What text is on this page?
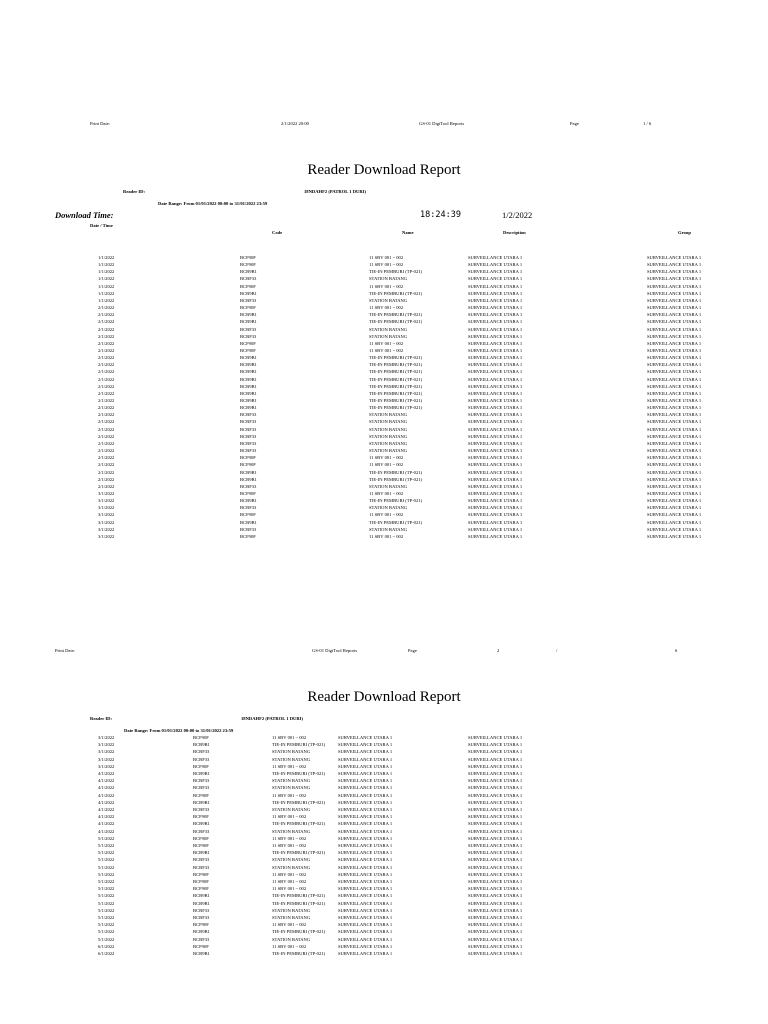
Print Date:	2/1/2022 20:00	GS-01 DigiTool Reports	Page	1 / 6
Reader Download Report
Reader ID:	18NDAHF2 (PATROL 1 DURI)
Date Range: From 01/01/2022 00:00 to 31/01/2022 23:59
Download Time:	18:24:39	1/2/2022
Date / Time
Code	Name	Description	Group
1/1/2022	BCF90F	11 SBV 001 ~ 002	SURVEILLANCE UTARA 1	SURVEILLANCE UTARA 1
1/1/2022	BCF90F	11 SBV 001 ~ 002	SURVEILLANCE UTARA 1	SURVEILLANCE UTARA 1
1/1/2022	BCB9B1	TIE-IN PEMBURI (TP-021)	SURVEILLANCE UTARA 1	SURVEILLANCE UTARA 1
1/1/2022	BCBF33	STATION BATANG	SURVEILLANCE UTARA 1	SURVEILLANCE UTARA 1
1/1/2022	BCF90F	11 SBV 001 ~ 002	SURVEILLANCE UTARA 1	SURVEILLANCE UTARA 1
1/1/2022	BCB9B1	TIE-IN PEMBURI (TP-021)	SURVEILLANCE UTARA 1	SURVEILLANCE UTARA 1
1/1/2022	BCBF33	STATION BATANG	SURVEILLANCE UTARA 1	SURVEILLANCE UTARA 1
2/1/2022	BCF90F	11 SBV 001 ~ 002	SURVEILLANCE UTARA 1	SURVEILLANCE UTARA 1
2/1/2022	BCB9B1	TIE-IN PEMBURI (TP-021)	SURVEILLANCE UTARA 1	SURVEILLANCE UTARA 1
2/1/2022	BCB9B1	TIE-IN PEMBURI (TP-021)	SURVEILLANCE UTARA 1	SURVEILLANCE UTARA 1
2/1/2022	BCBF33	STATION BATANG	SURVEILLANCE UTARA 1	SURVEILLANCE UTARA 1
2/1/2022	BCBF33	STATION BATANG	SURVEILLANCE UTARA 1	SURVEILLANCE UTARA 1
2/1/2022	BCF90F	11 SBV 001 ~ 002	SURVEILLANCE UTARA 1	SURVEILLANCE UTARA 1
2/1/2022	BCF90F	11 SBV 001 ~ 002	SURVEILLANCE UTARA 1	SURVEILLANCE UTARA 1
2/1/2022	BCB9B1	TIE-IN PEMBURI (TP-021)	SURVEILLANCE UTARA 1	SURVEILLANCE UTARA 1
2/1/2022	BCB9B1	TIE-IN PEMBURI (TP-021)	SURVEILLANCE UTARA 1	SURVEILLANCE UTARA 1
2/1/2022	BCB9B1	TIE-IN PEMBURI (TP-021)	SURVEILLANCE UTARA 1	SURVEILLANCE UTARA 1
2/1/2022	BCB9B1	TIE-IN PEMBURI (TP-021)	SURVEILLANCE UTARA 1	SURVEILLANCE UTARA 1
2/1/2022	BCB9B1	TIE-IN PEMBURI (TP-021)	SURVEILLANCE UTARA 1	SURVEILLANCE UTARA 1
2/1/2022	BCB9B1	TIE-IN PEMBURI (TP-021)	SURVEILLANCE UTARA 1	SURVEILLANCE UTARA 1
2/1/2022	BCB9B1	TIE-IN PEMBURI (TP-021)	SURVEILLANCE UTARA 1	SURVEILLANCE UTARA 1
2/1/2022	BCB9B1	TIE-IN PEMBURI (TP-021)	SURVEILLANCE UTARA 1	SURVEILLANCE UTARA 1
2/1/2022	BCBF33	STATION BATANG	SURVEILLANCE UTARA 1	SURVEILLANCE UTARA 1
2/1/2022	BCBF33	STATION BATANG	SURVEILLANCE UTARA 1	SURVEILLANCE UTARA 1
2/1/2022	BCBF33	STATION BATANG	SURVEILLANCE UTARA 1	SURVEILLANCE UTARA 1
2/1/2022	BCBF33	STATION BATANG	SURVEILLANCE UTARA 1	SURVEILLANCE UTARA 1
2/1/2022	BCBF33	STATION BATANG	SURVEILLANCE UTARA 1	SURVEILLANCE UTARA 1
2/1/2022	BCBF33	STATION BATANG	SURVEILLANCE UTARA 1	SURVEILLANCE UTARA 1
2/1/2022	BCF90F	11 SBV 001 ~ 002	SURVEILLANCE UTARA 1	SURVEILLANCE UTARA 1
2/1/2022	BCF90F	11 SBV 001 ~ 002	SURVEILLANCE UTARA 1	SURVEILLANCE UTARA 1
2/1/2022	BCB9B1	TIE-IN PEMBURI (TP-021)	SURVEILLANCE UTARA 1	SURVEILLANCE UTARA 1
2/1/2022	BCB9B1	TIE-IN PEMBURI (TP-021)	SURVEILLANCE UTARA 1	SURVEILLANCE UTARA 1
2/1/2022	BCBF33	STATION BATANG	SURVEILLANCE UTARA 1	SURVEILLANCE UTARA 1
3/1/2022	BCF90F	11 SBV 001 ~ 002	SURVEILLANCE UTARA 1	SURVEILLANCE UTARA 1
3/1/2022	BCB9B1	TIE-IN PEMBURI (TP-021)	SURVEILLANCE UTARA 1	SURVEILLANCE UTARA 1
3/1/2022	BCBF33	STATION BATANG	SURVEILLANCE UTARA 1	SURVEILLANCE UTARA 1
3/1/2022	BCF90F	11 SBV 001 ~ 002	SURVEILLANCE UTARA 1	SURVEILLANCE UTARA 1
3/1/2022	BCB9B1	TIE-IN PEMBURI (TP-021)	SURVEILLANCE UTARA 1	SURVEILLANCE UTARA 1
3/1/2022	BCBF33	STATION BATANG	SURVEILLANCE UTARA 1	SURVEILLANCE UTARA 1
3/1/2022	BCF90F	11 SBV 001 ~ 002	SURVEILLANCE UTARA 1	SURVEILLANCE UTARA 1
Print Date:	GS-01 DigiTool Reports	Page	2	/	6
Reader Download Report
Reader ID:	18NDAHF2 (PATROL 1 DURI)
Date Range: From 01/01/2022 00:00 to 31/01/2022 23:59
3/1/2022	BCF90F	11 SBV 001 ~ 002	SURVEILLANCE UTARA 1	SURVEILLANCE UTARA 1
3/1/2022	BCB9B1	TIE-IN PEMBURI (TP-021)	SURVEILLANCE UTARA 1	SURVEILLANCE UTARA 1
3/1/2022	BCBF33	STATION BATANG	SURVEILLANCE UTARA 1	SURVEILLANCE UTARA 1
3/1/2022	BCBF33	STATION BATANG	SURVEILLANCE UTARA 1	SURVEILLANCE UTARA 1
3/1/2022	BCF90F	11 SBV 001 ~ 002	SURVEILLANCE UTARA 1	SURVEILLANCE UTARA 1
4/1/2022	BCB9B1	TIE-IN PEMBURI (TP-021)	SURVEILLANCE UTARA 1	SURVEILLANCE UTARA 1
4/1/2022	BCBF33	STATION BATANG	SURVEILLANCE UTARA 1	SURVEILLANCE UTARA 1
4/1/2022	BCBF33	STATION BATANG	SURVEILLANCE UTARA 1	SURVEILLANCE UTARA 1
4/1/2022	BCF90F	11 SBV 001 ~ 002	SURVEILLANCE UTARA 1	SURVEILLANCE UTARA 1
4/1/2022	BCB9B1	TIE-IN PEMBURI (TP-021)	SURVEILLANCE UTARA 1	SURVEILLANCE UTARA 1
4/1/2022	BCBF33	STATION BATANG	SURVEILLANCE UTARA 1	SURVEILLANCE UTARA 1
4/1/2022	BCF90F	11 SBV 001 ~ 002	SURVEILLANCE UTARA 1	SURVEILLANCE UTARA 1
4/1/2022	BCB9B1	TIE-IN PEMBURI (TP-021)	SURVEILLANCE UTARA 1	SURVEILLANCE UTARA 1
4/1/2022	BCBF33	STATION BATANG	SURVEILLANCE UTARA 1	SURVEILLANCE UTARA 1
5/1/2022	BCF90F	11 SBV 001 ~ 002	SURVEILLANCE UTARA 1	SURVEILLANCE UTARA 1
5/1/2022	BCF90F	11 SBV 001 ~ 002	SURVEILLANCE UTARA 1	SURVEILLANCE UTARA 1
5/1/2022	BCB9B1	TIE-IN PEMBURI (TP-021)	SURVEILLANCE UTARA 1	SURVEILLANCE UTARA 1
5/1/2022	BCBF33	STATION BATANG	SURVEILLANCE UTARA 1	SURVEILLANCE UTARA 1
5/1/2022	BCBF33	STATION BATANG	SURVEILLANCE UTARA 1	SURVEILLANCE UTARA 1
5/1/2022	BCF90F	11 SBV 001 ~ 002	SURVEILLANCE UTARA 1	SURVEILLANCE UTARA 1
5/1/2022	BCF90F	11 SBV 001 ~ 002	SURVEILLANCE UTARA 1	SURVEILLANCE UTARA 1
5/1/2022	BCF90F	11 SBV 001 ~ 002	SURVEILLANCE UTARA 1	SURVEILLANCE UTARA 1
5/1/2022	BCB9B1	TIE-IN PEMBURI (TP-021)	SURVEILLANCE UTARA 1	SURVEILLANCE UTARA 1
5/1/2022	BCB9B1	TIE-IN PEMBURI (TP-021)	SURVEILLANCE UTARA 1	SURVEILLANCE UTARA 1
5/1/2022	BCBF33	STATION BATANG	SURVEILLANCE UTARA 1	SURVEILLANCE UTARA 1
5/1/2022	BCBF33	STATION BATANG	SURVEILLANCE UTARA 1	SURVEILLANCE UTARA 1
5/1/2022	BCF90F	11 SBV 001 ~ 002	SURVEILLANCE UTARA 1	SURVEILLANCE UTARA 1
5/1/2022	BCB9B1	TIE-IN PEMBURI (TP-021)	SURVEILLANCE UTARA 1	SURVEILLANCE UTARA 1
5/1/2022	BCBF33	STATION BATANG	SURVEILLANCE UTARA 1	SURVEILLANCE UTARA 1
6/1/2022	BCF90F	11 SBV 001 ~ 002	SURVEILLANCE UTARA 1	SURVEILLANCE UTARA 1
6/1/2022	BCB9B1	TIE-IN PEMBURI (TP-021)	SURVEILLANCE UTARA 1	SURVEILLANCE UTARA 1
